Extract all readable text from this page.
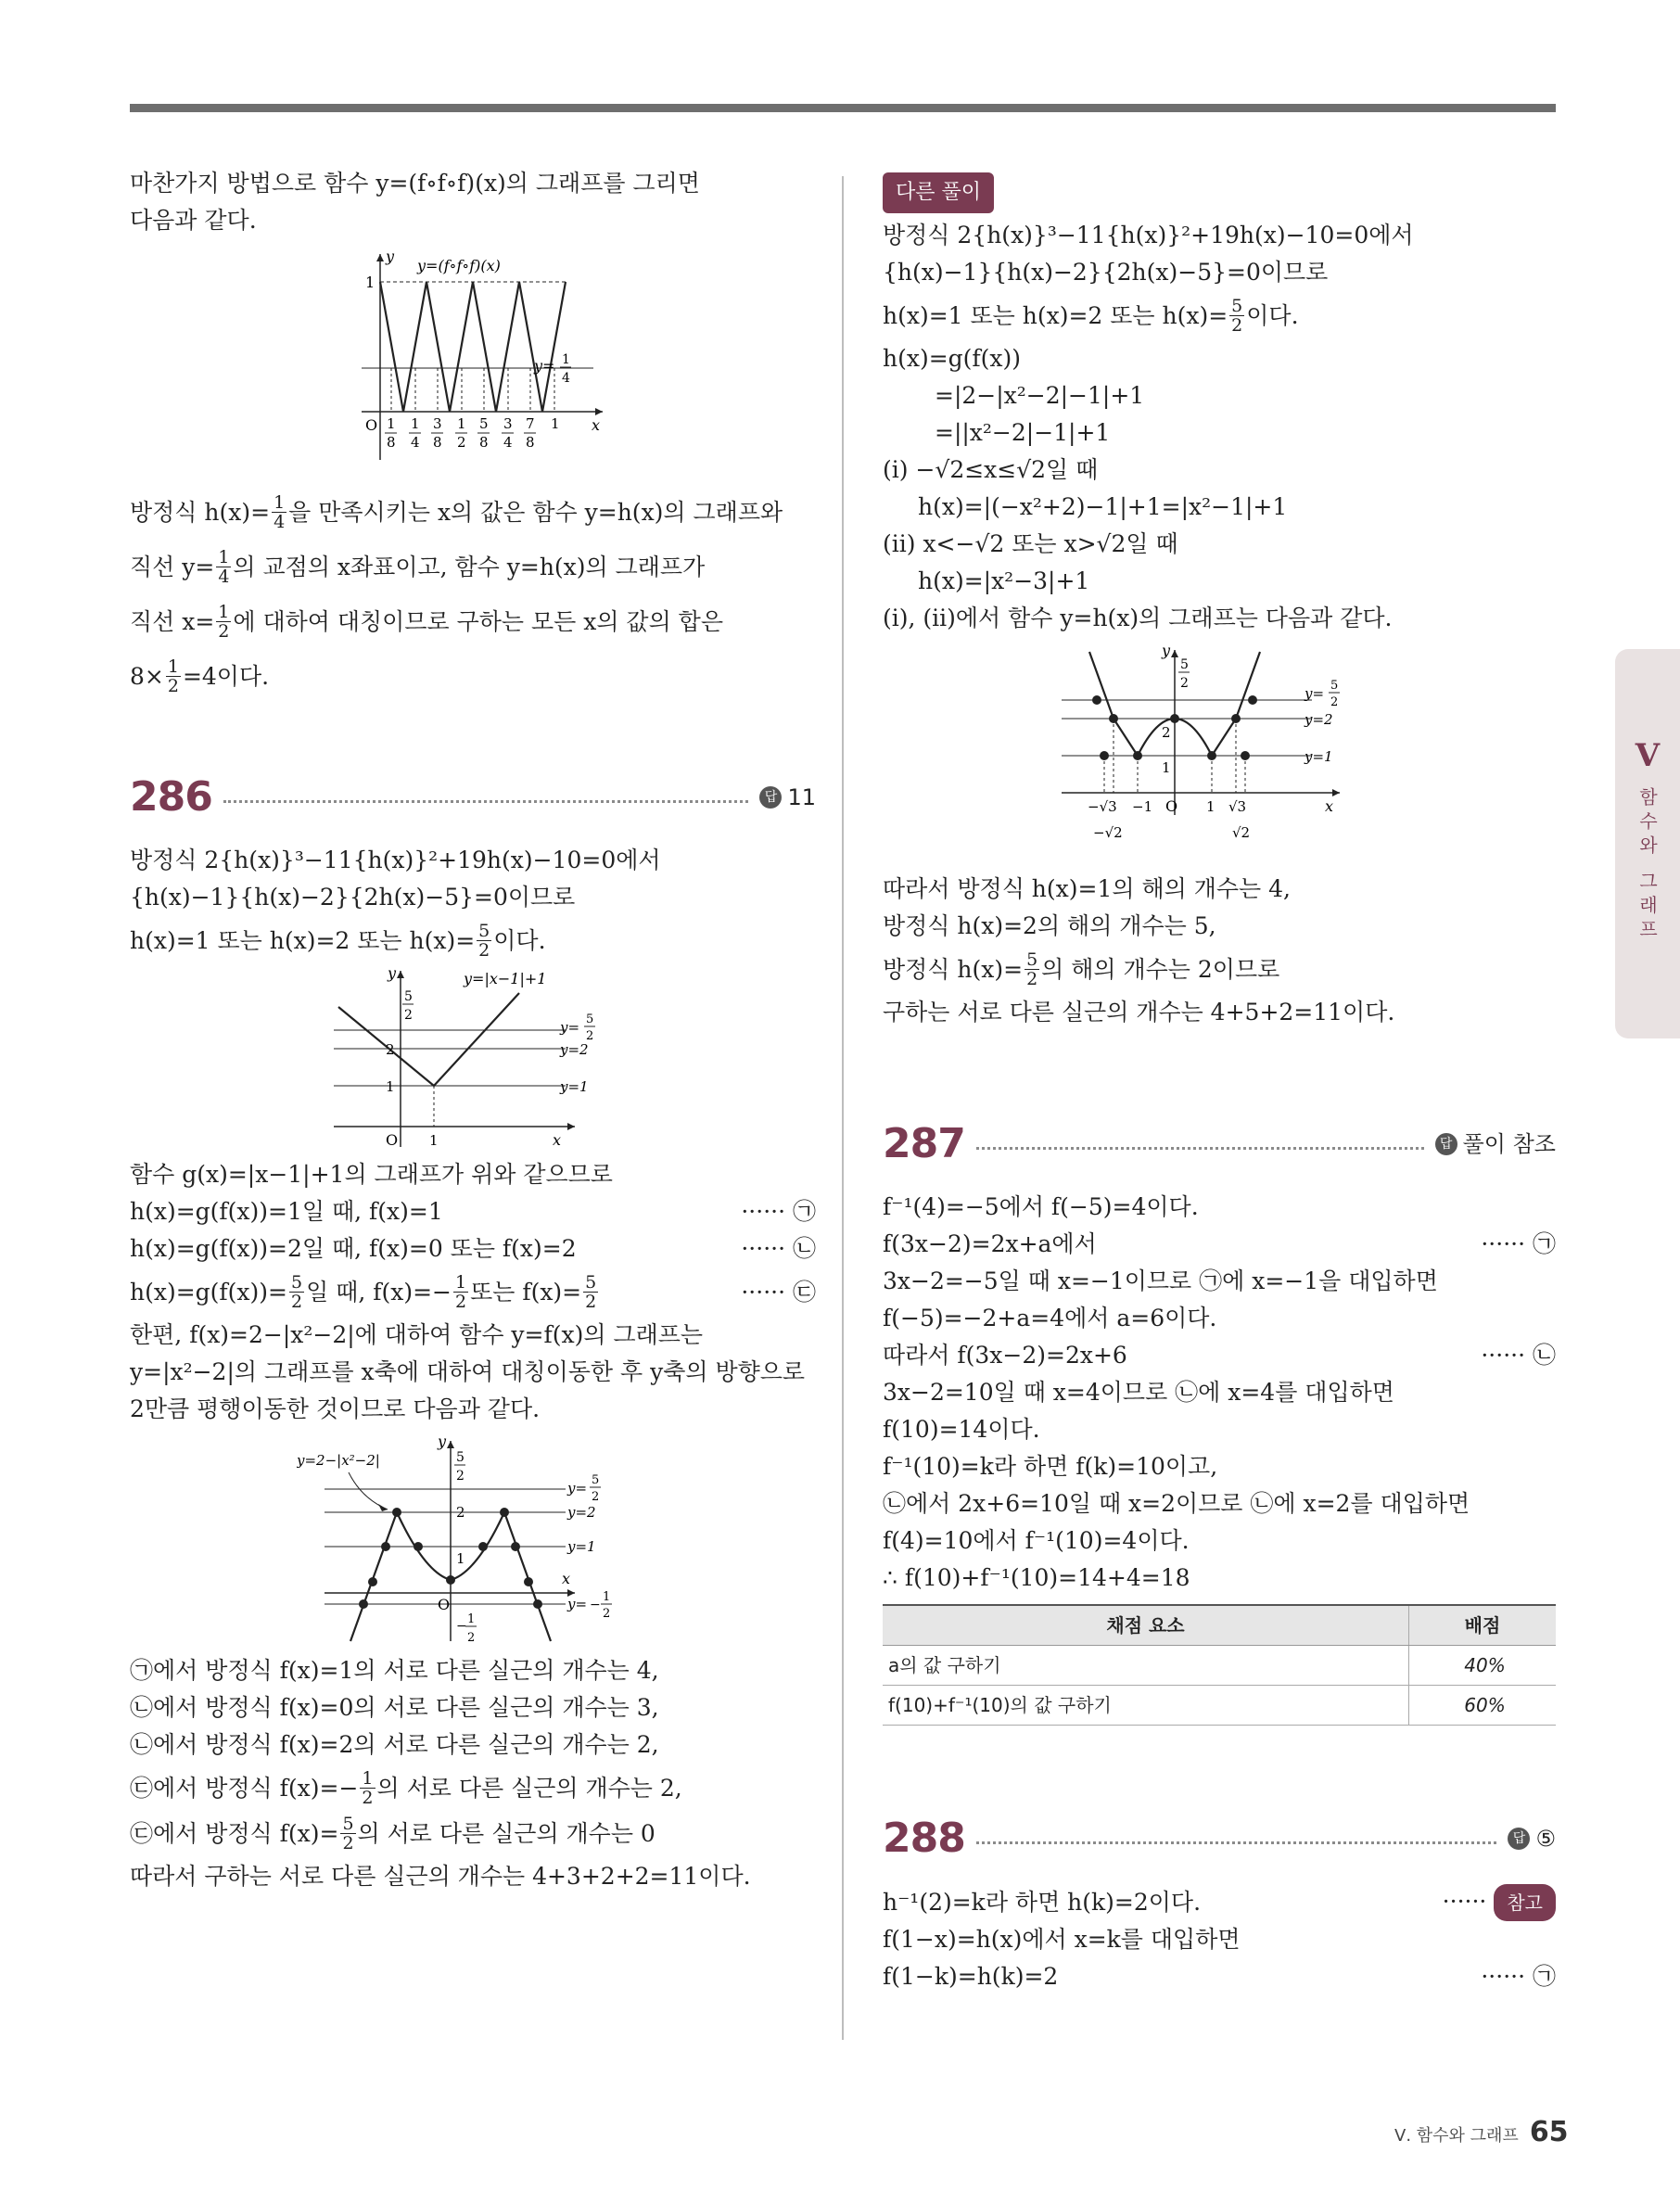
마찬가지 방법으로 함수 y=(f∘f∘f)(x)의 그래프를 그리면
다음과 같다.
y
y=(f∘f∘f)(x)
1
y= 1
4
O 1
8
1
4
3
8
1
2
5
8
3
4
7
8
1 x
방정식 $h(x)= \frac{1}{4}$ 을 만족시키는 x의 값은 함수 y=h(x)의 그래프와
직선 $y= \frac{1}{4}$ 의 교점의 x좌표이고, 함수 y=h(x)의 그래프가
직선 $x= \frac{1}{2}$ 에 대하여 대칭이므로 구하는 모든 x의 값의 합은
$8\times \frac{1}{2} =4$이다.
286	답 11
방정식 2{h(x)}³−11{h(x)}²+19h(x)−10=0에서
{h(x)−1}{h(x)−2}{2h(x)−5}=0이므로
h(x)=1 또는 h(x)=2 또는 $h(x)= \frac{5}{2}$ 이다.
y	y=|x−1|+1
5
2
2
1
O 1	x
y= 5
2
y=2
y=1
함수 g(x)=|x−1|+1의 그래프가 위와 같으므로
h(x)=g(f(x))=1일 때, f(x)=1	······ ㉠
h(x)=g(f(x))=2일 때, f(x)=0 또는 f(x)=2	······ ㉡
$h(x)=g(f(x))= \frac{5}{2}$ 일 때, $f(x)=- \frac{1}{2}$ 또는 $f(x)= \frac{5}{2}$	······ ㉢
한편, f(x)=2−|x²−2|에 대하여 함수 y=f(x)의 그래프는
y=|x²−2|의 그래프를 x축에 대하여 대칭이동한 후 y축의 방향으로
2만큼 평행이동한 것이므로 다음과 같다.
y=2−|x²−2|
y
5
2
2
1
O
x
− 1
2
y= 5
2
y=2
y=1
y= −
1
2
㉠에서 방정식 f(x)=1의 서로 다른 실근의 개수는 4,
㉡에서 방정식 f(x)=0의 서로 다른 실근의 개수는 3,
㉡에서 방정식 f(x)=2의 서로 다른 실근의 개수는 2,
㉢에서 방정식 $f(x)=- \frac{1}{2}$ 의 서로 다른 실근의 개수는 2,
㉢에서 방정식 $f(x)= \frac{5}{2}$ 의 서로 다른 실근의 개수는 0
따라서 구하는 서로 다른 실근의 개수는 4+3+2+2=11이다.
다른 풀이
방정식 2{h(x)}³−11{h(x)}²+19h(x)−10=0에서
{h(x)−1}{h(x)−2}{2h(x)−5}=0이므로
h(x)=1 또는 h(x)=2 또는 $h(x)= \frac{5}{2}$ 이다.
h(x)=g(f(x))
=|2−|x²−2|−1|+1
=||x²−2|−1|+1
(i) −√2≤x≤√2일 때
h(x)=|(−x²+2)−1|+1=|x²−1|+1
(ii) x<−√2 또는 x>√2일 때
h(x)=|x²−3|+1
(i), (ii)에서 함수 y=h(x)의 그래프는 다음과 같다.
y
5
2
2
1
O	x
y= 5
2
y=2
y=1
−√3 −1	1 √3
−√2	√2
따라서 방정식 h(x)=1의 해의 개수는 4,
방정식 h(x)=2의 해의 개수는 5,
방정식 $h(x)= \frac{5}{2}$ 의 해의 개수는 2이므로
구하는 서로 다른 실근의 개수는 4+5+2=11이다.
287	답 풀이 참조
f⁻¹(4)=−5에서 f(−5)=4이다.
f(3x−2)=2x+a에서	······ ㉠
3x−2=−5일 때 x=−1이므로 ㉠에 x=−1을 대입하면
f(−5)=−2+a=4에서 a=6이다.
따라서 f(3x−2)=2x+6	······ ㉡
3x−2=10일 때 x=4이므로 ㉡에 x=4를 대입하면
f(10)=14이다.
f⁻¹(10)=k라 하면 f(k)=10이고,
㉡에서 2x+6=10일 때 x=2이므로 ㉡에 x=2를 대입하면
f(4)=10에서 f⁻¹(10)=4이다.
∴ f(10)+f⁻¹(10)=14+4=18
채점 요소	배점
a의 값 구하기	40%
f(10)+f⁻¹(10)의 값 구하기	60%
288	답 ⑤
h⁻¹(2)=k라 하면 h(k)=2이다.	······ 참고
f(1−x)=h(x)에서 x=k를 대입하면
f(1−k)=h(k)=2	······ ㉠
V
함수와 그래프
Ⅴ. 함수와 그래프 65
